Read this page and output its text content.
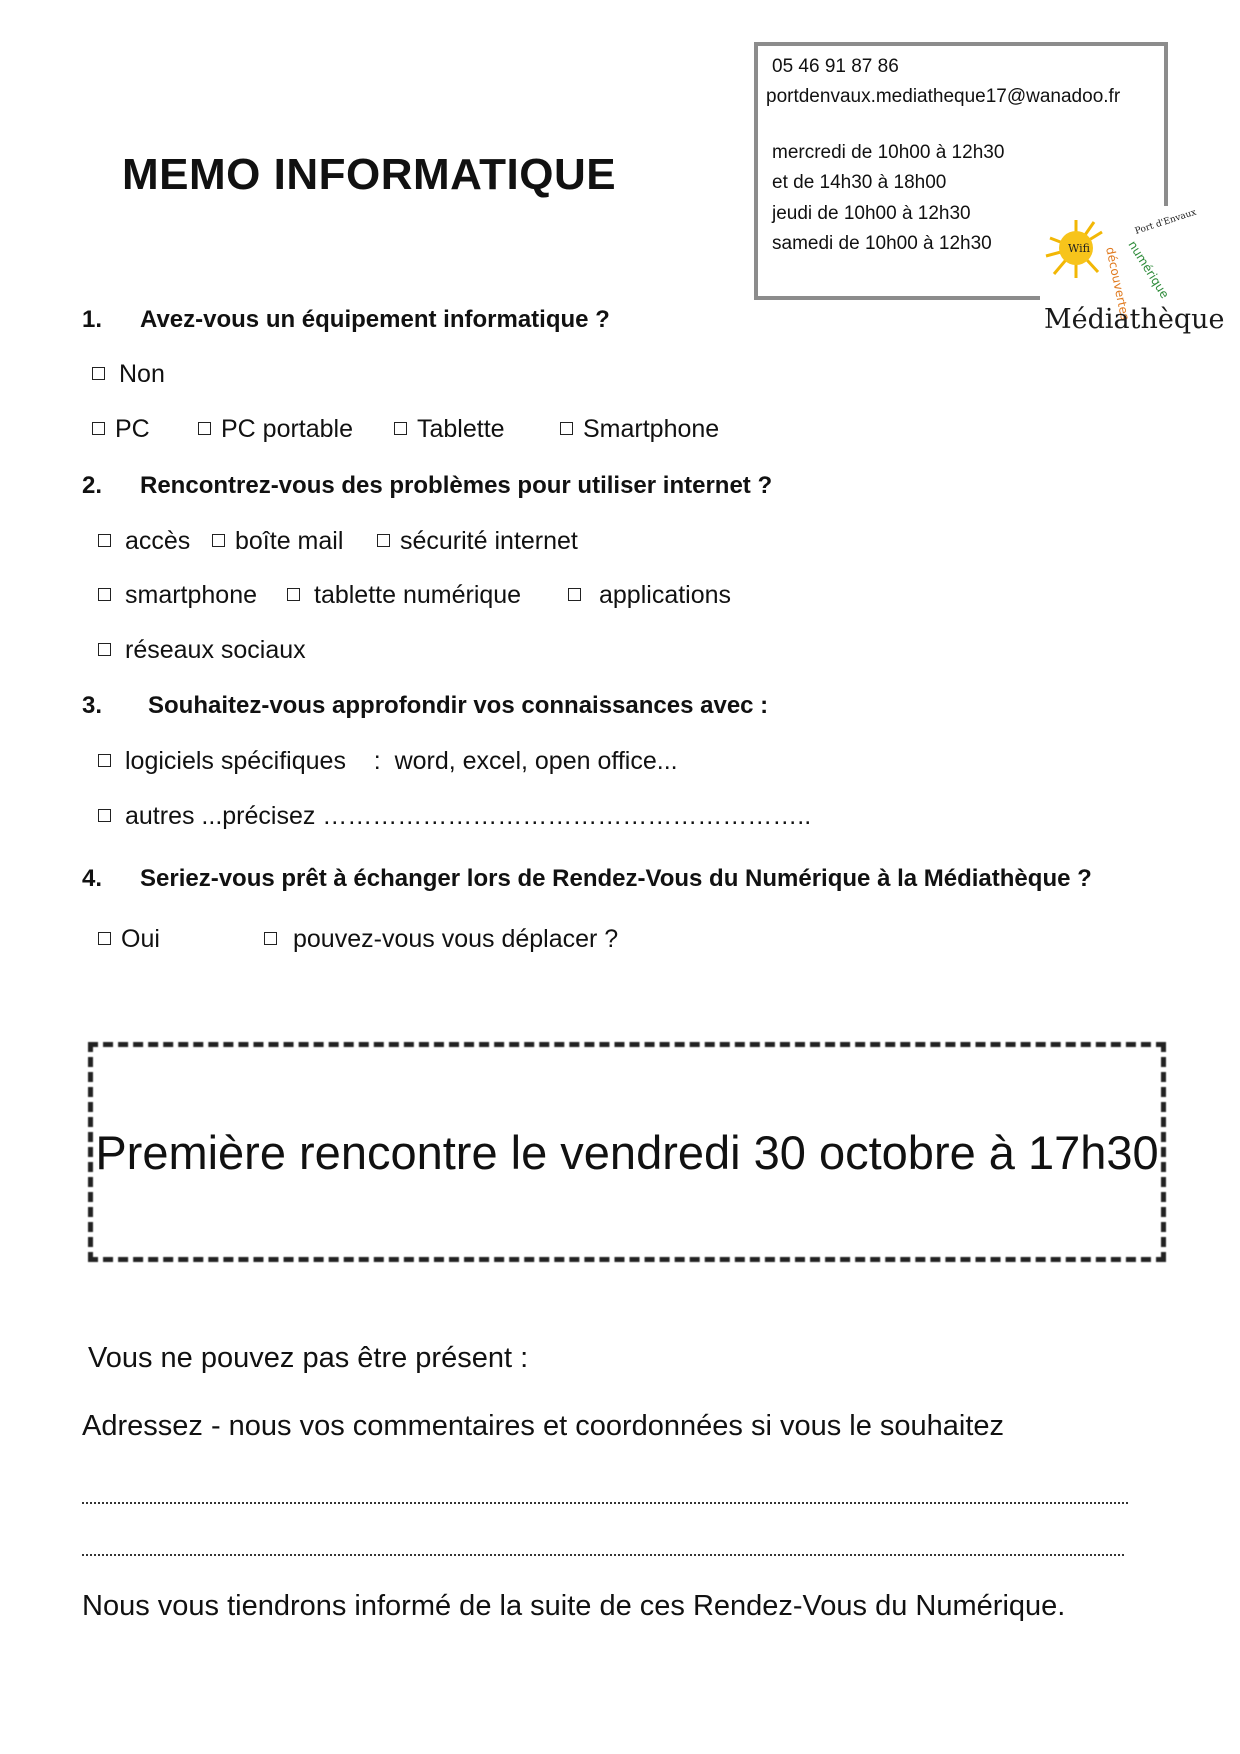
MEMO INFORMATIQUE
05 46 91 87 86
portdenvaux.mediatheque17@wanadoo.fr
mercredi de 10h00 à 12h30
et de 14h30 à 18h00
jeudi de 10h00 à 12h30
samedi de 10h00 à 12h30	Wifi
Port d'Envaux
découvertes
numérique
Médiathèque
1. Avez-vous un équipement informatique ?
Non
PC	PC portable	Tablette	Smartphone
2. Rencontrez-vous des problèmes pour utiliser internet ?
accès	boîte mail	sécurité internet
smartphone	tablette numérique	applications
réseaux sociaux
3. Souhaitez-vous approfondir vos connaissances avec :
logiciels spécifiques    :  word, excel, open office...
autres ...précisez …………………………………………………..
4. Seriez-vous prêt à échanger lors de Rendez-Vous du Numérique à la Médiathèque ?
Oui	pouvez-vous vous déplacer ?
Première rencontre le vendredi 30 octobre à 17h30
Vous ne pouvez pas être présent :
Adressez - nous vos commentaires et coordonnées si vous le souhaitez
Nous vous tiendrons informé de la suite de ces Rendez-Vous du Numérique.
